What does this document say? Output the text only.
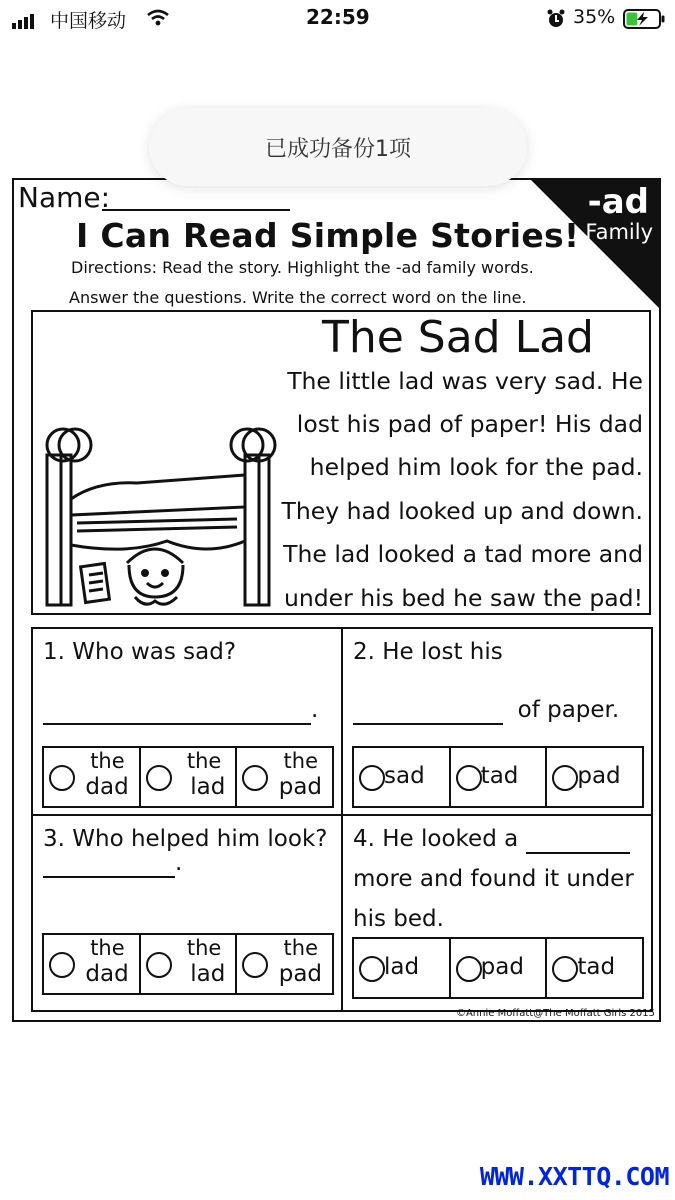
中国移动	22:59	35%
已成功备份1项
-ad
Family
Name:
I Can Read Simple Stories!
Directions: Read the story. Highlight the -ad family words.
Answer the questions. Write the correct word on the line.
The Sad Lad
The little lad was very sad. He
lost his pad of paper! His dad
helped him look for the pad.
They had looked up and down.
The lad looked a tad more and
under his bed he saw the pad!
1. Who was sad?
.
the
dad
the
lad
the
pad
2. He lost his
of paper.
sad tad	pad
3. Who helped him look?
.
the
dad
the
lad
the
pad
4. He looked a
more and found it under
his bed.
lad	pad tad
©Annie Moffatt@The Moffatt Girls 2015
WWW.XXTTQ.COM
